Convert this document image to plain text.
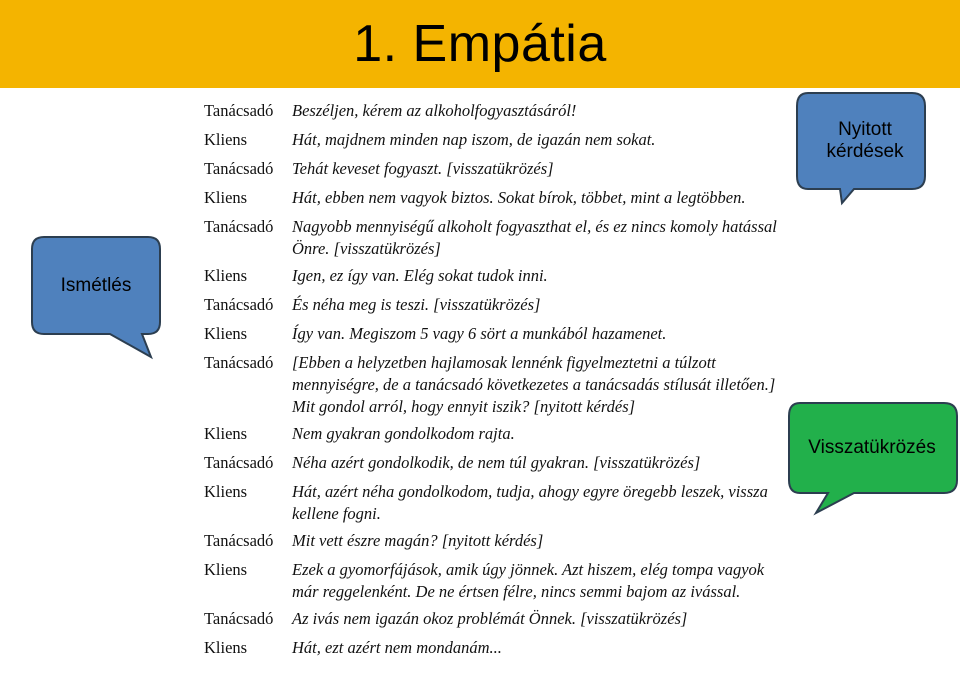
1. Empátia
Ismétlés
Nyitott kérdések
Visszatükrözés
Tanácsadó	Beszéljen, kérem az alkoholfogyasztásáról!
Kliens	Hát, majdnem minden nap iszom, de igazán nem sokat.
Tanácsadó	Tehát keveset fogyaszt. [visszatükrözés]
Kliens	Hát, ebben nem vagyok biztos. Sokat bírok, többet, mint a legtöbben.
Tanácsadó	Nagyobb mennyiségű alkoholt fogyaszthat el, és ez nincs komoly hatással Önre. [visszatükrözés]
Kliens	Igen, ez így van. Elég sokat tudok inni.
Tanácsadó	És néha meg is teszi. [visszatükrözés]
Kliens	Így van. Megiszom 5 vagy 6 sört a munkából hazamenet.
Tanácsadó	[Ebben a helyzetben hajlamosak lennénk figyelmeztetni a túlzott mennyiségre, de a tanácsadó következetes a tanácsadás stílusát illetően.] Mit gondol arról, hogy ennyit iszik? [nyitott kérdés]
Kliens	Nem gyakran gondolkodom rajta.
Tanácsadó	Néha azért gondolkodik, de nem túl gyakran. [visszatükrözés]
Kliens	Hát, azért néha gondolkodom, tudja, ahogy egyre öregebb leszek, vissza kellene fogni.
Tanácsadó	Mit vett észre magán? [nyitott kérdés]
Kliens	Ezek a gyomorfájások, amik úgy jönnek. Azt hiszem, elég tompa vagyok már reggelenként. De ne értsen félre, nincs semmi bajom az ivással.
Tanácsadó	Az ivás nem igazán okoz problémát Önnek. [visszatükrözés]
Kliens	Hát, ezt azért nem mondanám...
